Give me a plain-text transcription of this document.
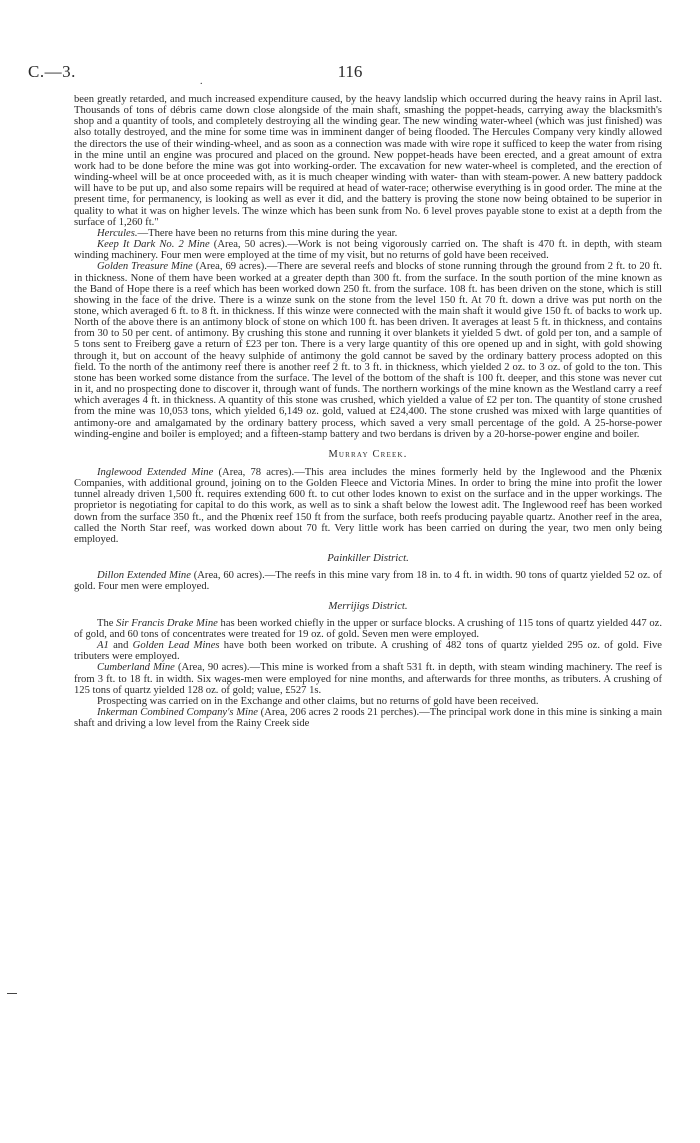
C.—3.
.
116

been greatly retarded, and much increased expenditure caused, by the heavy landslip which occurred during the heavy rains in April last. Thousands of tons of débris came down close alongside of the main shaft, smashing the poppet-heads, carrying away the blacksmith's shop and a quantity of tools, and completely destroying all the winding gear. The new winding water-wheel (which was just finished) was also totally destroyed, and the mine for some time was in imminent danger of being flooded. The Hercules Company very kindly allowed the directors the use of their winding-wheel, and as soon as a connection was made with wire rope it sufficed to keep the water from rising in the mine until an engine was procured and placed on the ground. New poppet-heads have been erected, and a great amount of extra work had to be done before the mine was got into working-order. The excavation for new water-wheel is completed, and the erection of winding-wheel will be at once proceeded with, as it is much cheaper winding with water- than with steam-power. A new battery paddock will have to be put up, and also some repairs will be required at head of water-race; otherwise everything is in good order. The mine at the present time, for permanency, is looking as well as ever it did, and the battery is proving the stone now being obtained to be superior in quality to what it was on higher levels. The winze which has been sunk from No. 6 level proves payable stone to exist at a depth from the surface of 1,260 ft."

Hercules.—There have been no returns from this mine during the year.

Keep It Dark No. 2 Mine (Area, 50 acres).—Work is not being vigorously carried on. The shaft is 470 ft. in depth, with steam winding machinery. Four men were employed at the time of my visit, but no returns of gold have been received.

Golden Treasure Mine (Area, 69 acres).—There are several reefs and blocks of stone running through the ground from 2 ft. to 20 ft. in thickness. None of them have been worked at a greater depth than 300 ft. from the surface. In the south portion of the mine known as the Band of Hope there is a reef which has been worked down 250 ft. from the surface. 108 ft. has been driven on the stone, which is still showing in the face of the drive. There is a winze sunk on the stone from the level 150 ft. At 70 ft. down a drive was put north on the stone, which averaged 6 ft. to 8 ft. in thickness. If this winze were connected with the main shaft it would give 150 ft. of backs to work up. North of the above there is an antimony block of stone on which 100 ft. has been driven. It averages at least 5 ft. in thickness, and contains from 30 to 50 per cent. of antimony. By crushing this stone and running it over blankets it yielded 5 dwt. of gold per ton, and a sample of 5 tons sent to Freiberg gave a return of £23 per ton. There is a very large quantity of this ore opened up and in sight, with gold showing through it, but on account of the heavy sulphide of antimony the gold cannot be saved by the ordinary battery process adopted on this field. To the north of the antimony reef there is another reef 2 ft. to 3 ft. in thickness, which yielded 2 oz. to 3 oz. of gold to the ton. This stone has been worked some distance from the surface. The level of the bottom of the shaft is 100 ft. deeper, and this stone was never cut in it, and no prospecting done to discover it, through want of funds. The northern workings of the mine known as the Westland carry a reef which averages 4 ft. in thickness. A quantity of this stone was crushed, which yielded a value of £2 per ton. The quantity of stone crushed from the mine was 10,053 tons, which yielded 6,149 oz. gold, valued at £24,400. The stone crushed was mixed with large quantities of antimony-ore and amalgamated by the ordinary battery process, which saved a very small percentage of the gold. A 25-horse-power winding-engine and boiler is employed; and a fifteen-stamp battery and two berdans is driven by a 20-horse-power engine and boiler.

Murray Creek.

Inglewood Extended Mine (Area, 78 acres).—This area includes the mines formerly held by the Inglewood and the Phœnix Companies, with additional ground, joining on to the Golden Fleece and Victoria Mines. In order to bring the mine into profit the lower tunnel already driven 1,500 ft. requires extending 600 ft. to cut other lodes known to exist on the surface and in the upper workings. The proprietor is negotiating for capital to do this work, as well as to sink a shaft below the lowest adit. The Inglewood reef has been worked down from the surface 350 ft., and the Phœnix reef 150 ft from the surface, both reefs producing payable quartz. Another reef in the area, called the North Star reef, was worked down about 70 ft. Very little work has been carried on during the year, two men only being employed.

Painkiller District.

Dillon Extended Mine (Area, 60 acres).—The reefs in this mine vary from 18 in. to 4 ft. in width. 90 tons of quartz yielded 52 oz. of gold. Four men were employed.

Merrijigs District.

The Sir Francis Drake Mine has been worked chiefly in the upper or surface blocks. A crushing of 115 tons of quartz yielded 447 oz. of gold, and 60 tons of concentrates were treated for 19 oz. of gold. Seven men were employed.

A1 and Golden Lead Mines have both been worked on tribute. A crushing of 482 tons of quartz yielded 295 oz. of gold. Five tributers were employed.

Cumberland Mine (Area, 90 acres).—This mine is worked from a shaft 531 ft. in depth, with steam winding machinery. The reef is from 3 ft. to 18 ft. in width. Six wages-men were employed for nine months, and afterwards for three months, as tributers. A crushing of 125 tons of quartz yielded 128 oz. of gold; value, £527 1s.

Prospecting was carried on in the Exchange and other claims, but no returns of gold have been received.

Inkerman Combined Company's Mine (Area, 206 acres 2 roods 21 perches).—The principal work done in this mine is sinking a main shaft and driving a low level from the Rainy Creek side
